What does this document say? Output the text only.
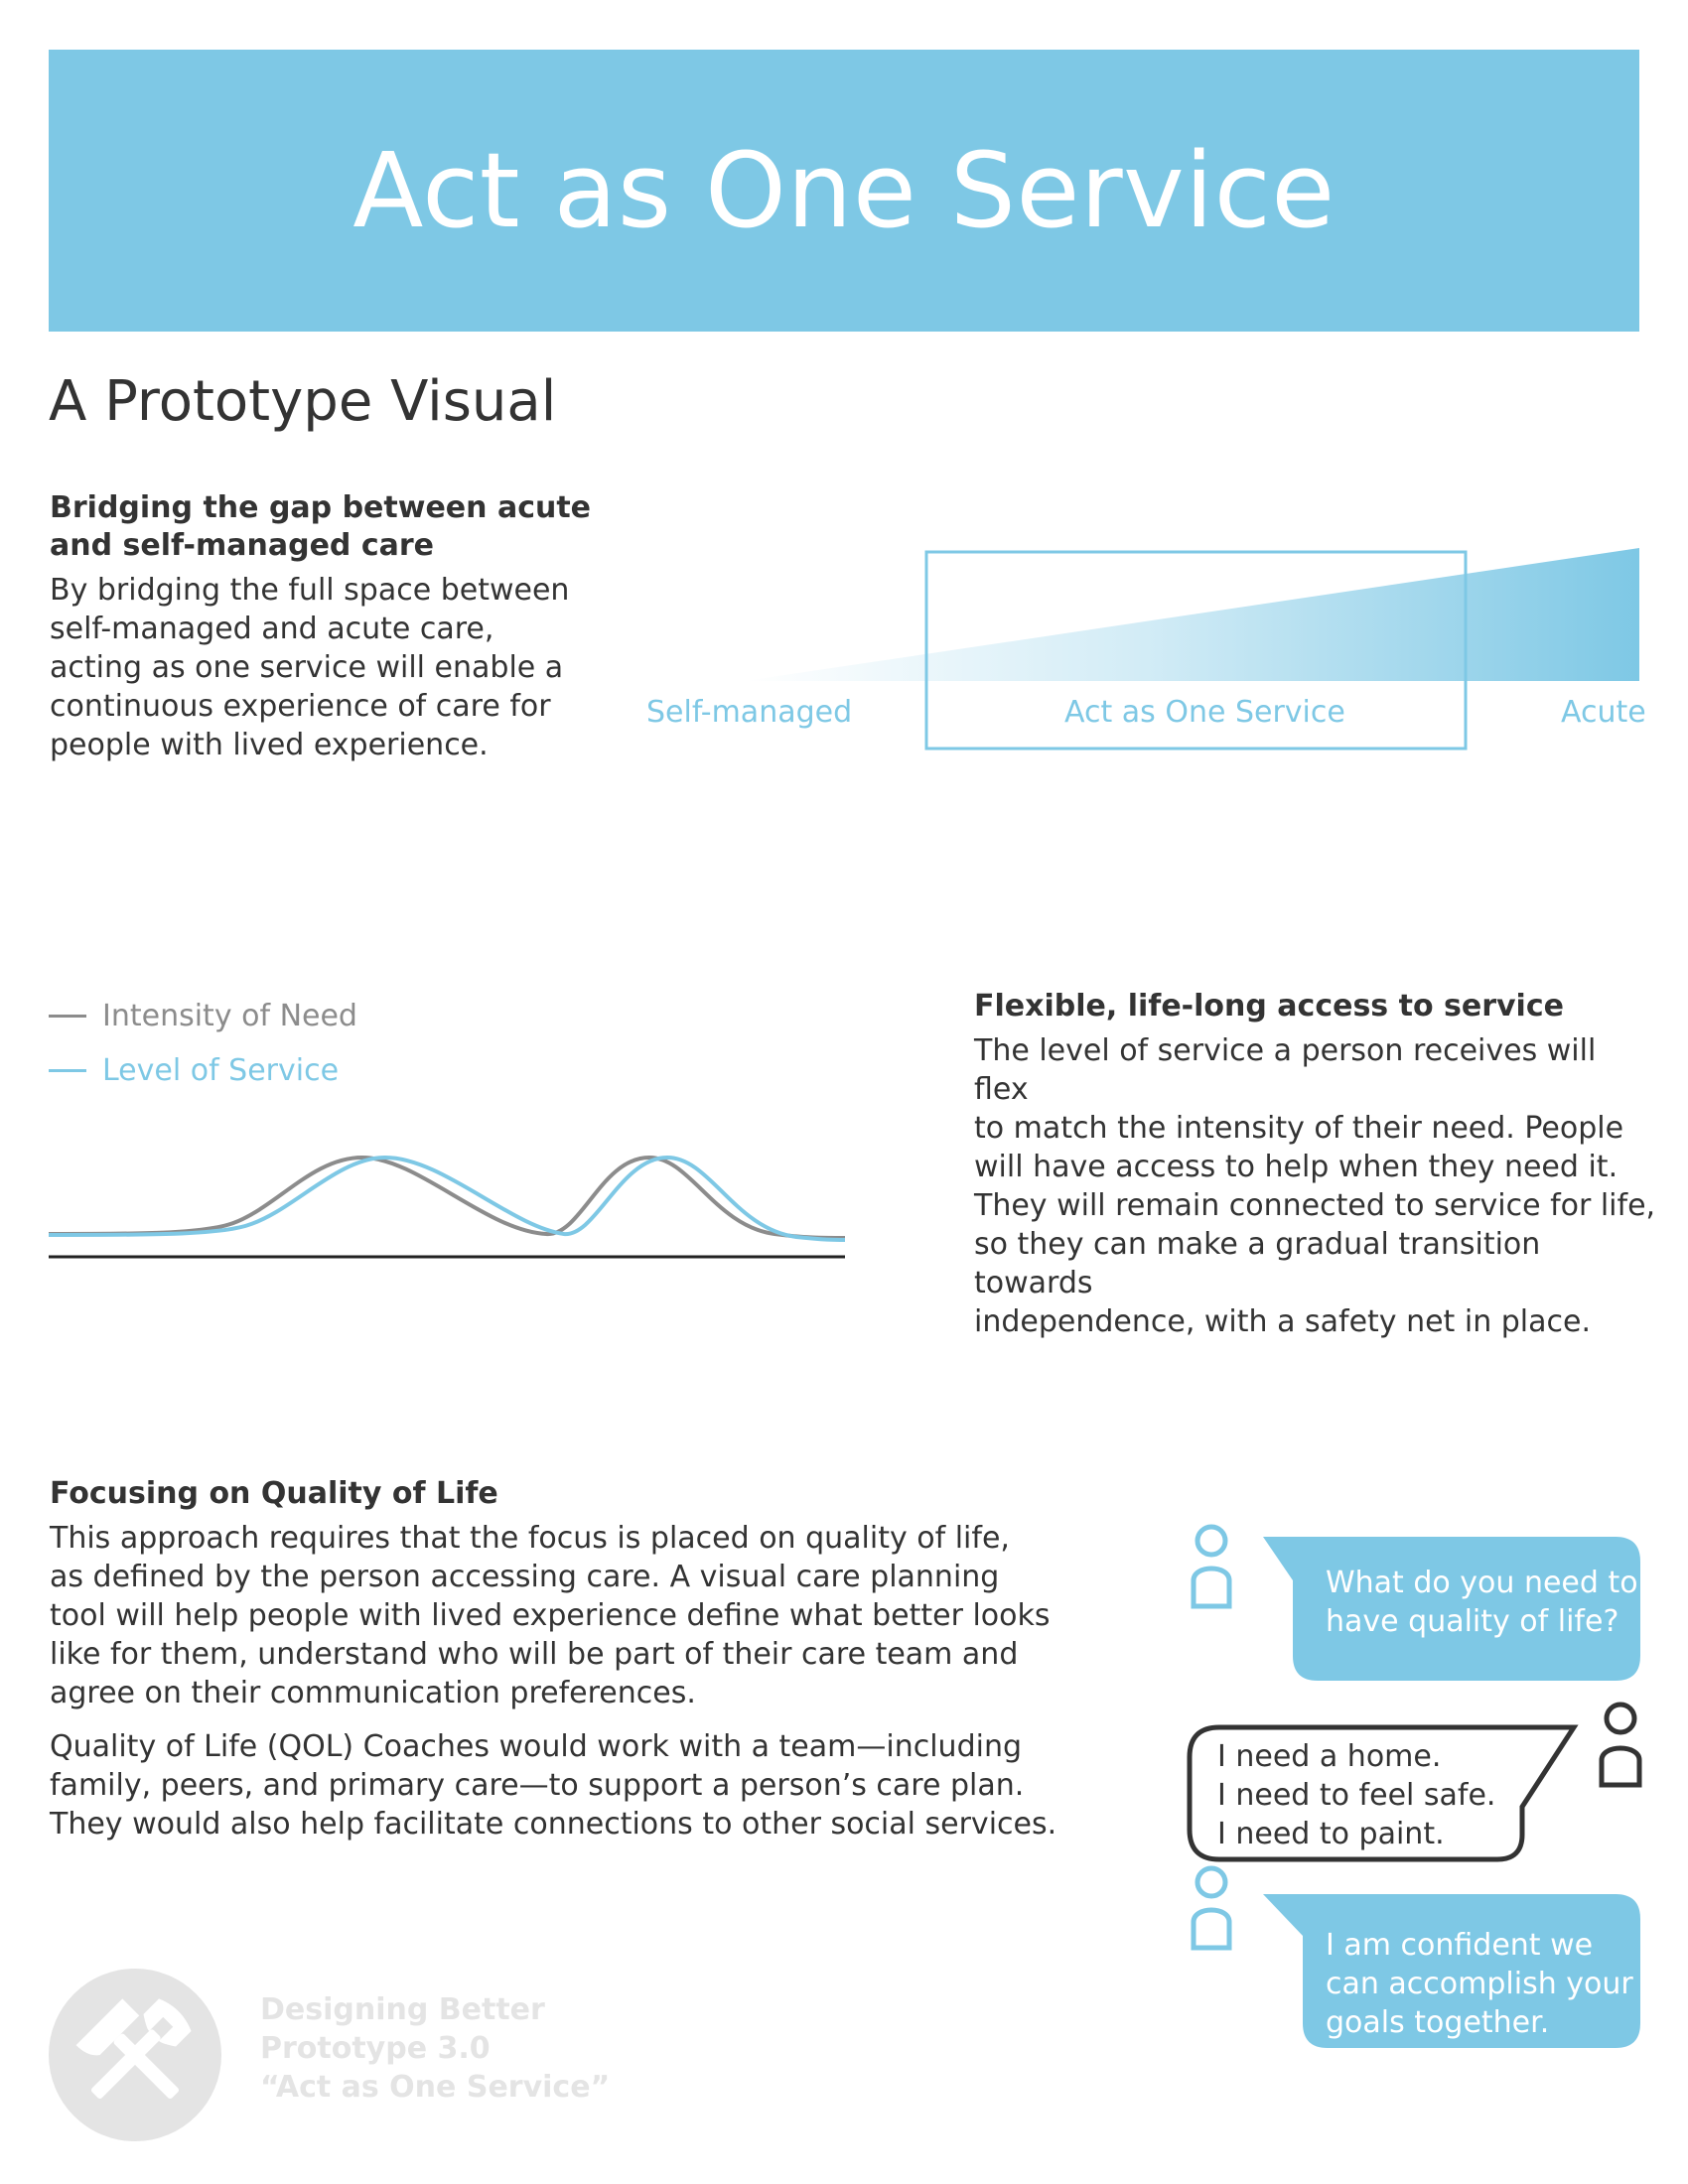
Act as One Service
A Prototype Visual
Bridging the gap between acute
and self-managed care
By bridging the full space between
self-managed and acute care,
acting as one service will enable a
continuous experience of care for
people with lived experience.
Self-managed	Act as One Service	Acute
Intensity of Need
Level of Service
Flexible, life-long access to service
The level of service a person receives will flex
to match the intensity of their need. People
will have access to help when they need it.
They will remain connected to service for life,
so they can make a gradual transition towards
independence, with a safety net in place.
Focusing on Quality of Life
This approach requires that the focus is placed on quality of life,
as defined by the person accessing care. A visual care planning
tool will help people with lived experience define what better looks
like for them, understand who will be part of their care team and
agree on their communication preferences.
Quality of Life (QOL) Coaches would work with a team—including
family, peers, and primary care—to support a person’s care plan.
They would also help facilitate connections to other social services.
What do you need to
have quality of life?
I need a home.
I need to feel safe.
I need to paint.
I am confident we
can accomplish your
goals together.
Designing Better
Prototype 3.0
“Act as One Service”
